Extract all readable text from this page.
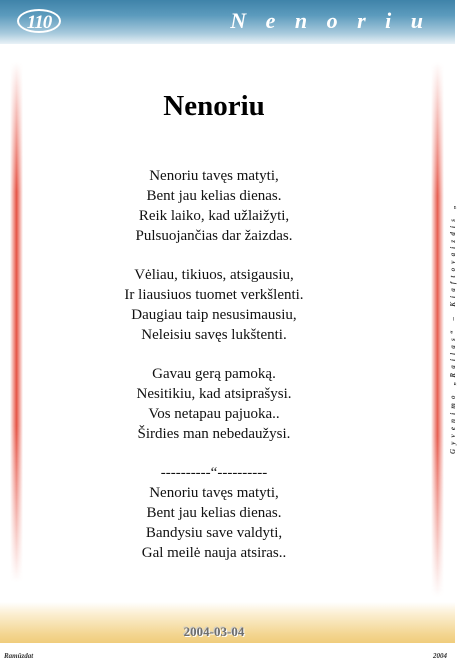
110	N e n o r i u
Gyvenimo „Railas“ – Kiaftovaizdis „
Nenoriu
Nenoriu tavęs matyti,
Bent jau kelias dienas.
Reik laiko, kad užlaižyti,
Pulsuojančias dar žaizdas.
Vėliau, tikiuos, atsigausiu,
Ir liausiuos tuomet verkšlenti.
Daugiau taip nesusimausiu,
Neleisiu savęs lukštenti.
Gavau gerą pamoką.
Nesitikiu, kad atsiprašysi.
Vos netapau pajuoka..
Širdies man nebedaužysi.
----------“----------
Nenoriu tavęs matyti,
Bent jau kelias dienas.
Bandysiu save valdyti,
Gal meilė nauja atsiras..
2004-03-04
Ramūzdat	2004
